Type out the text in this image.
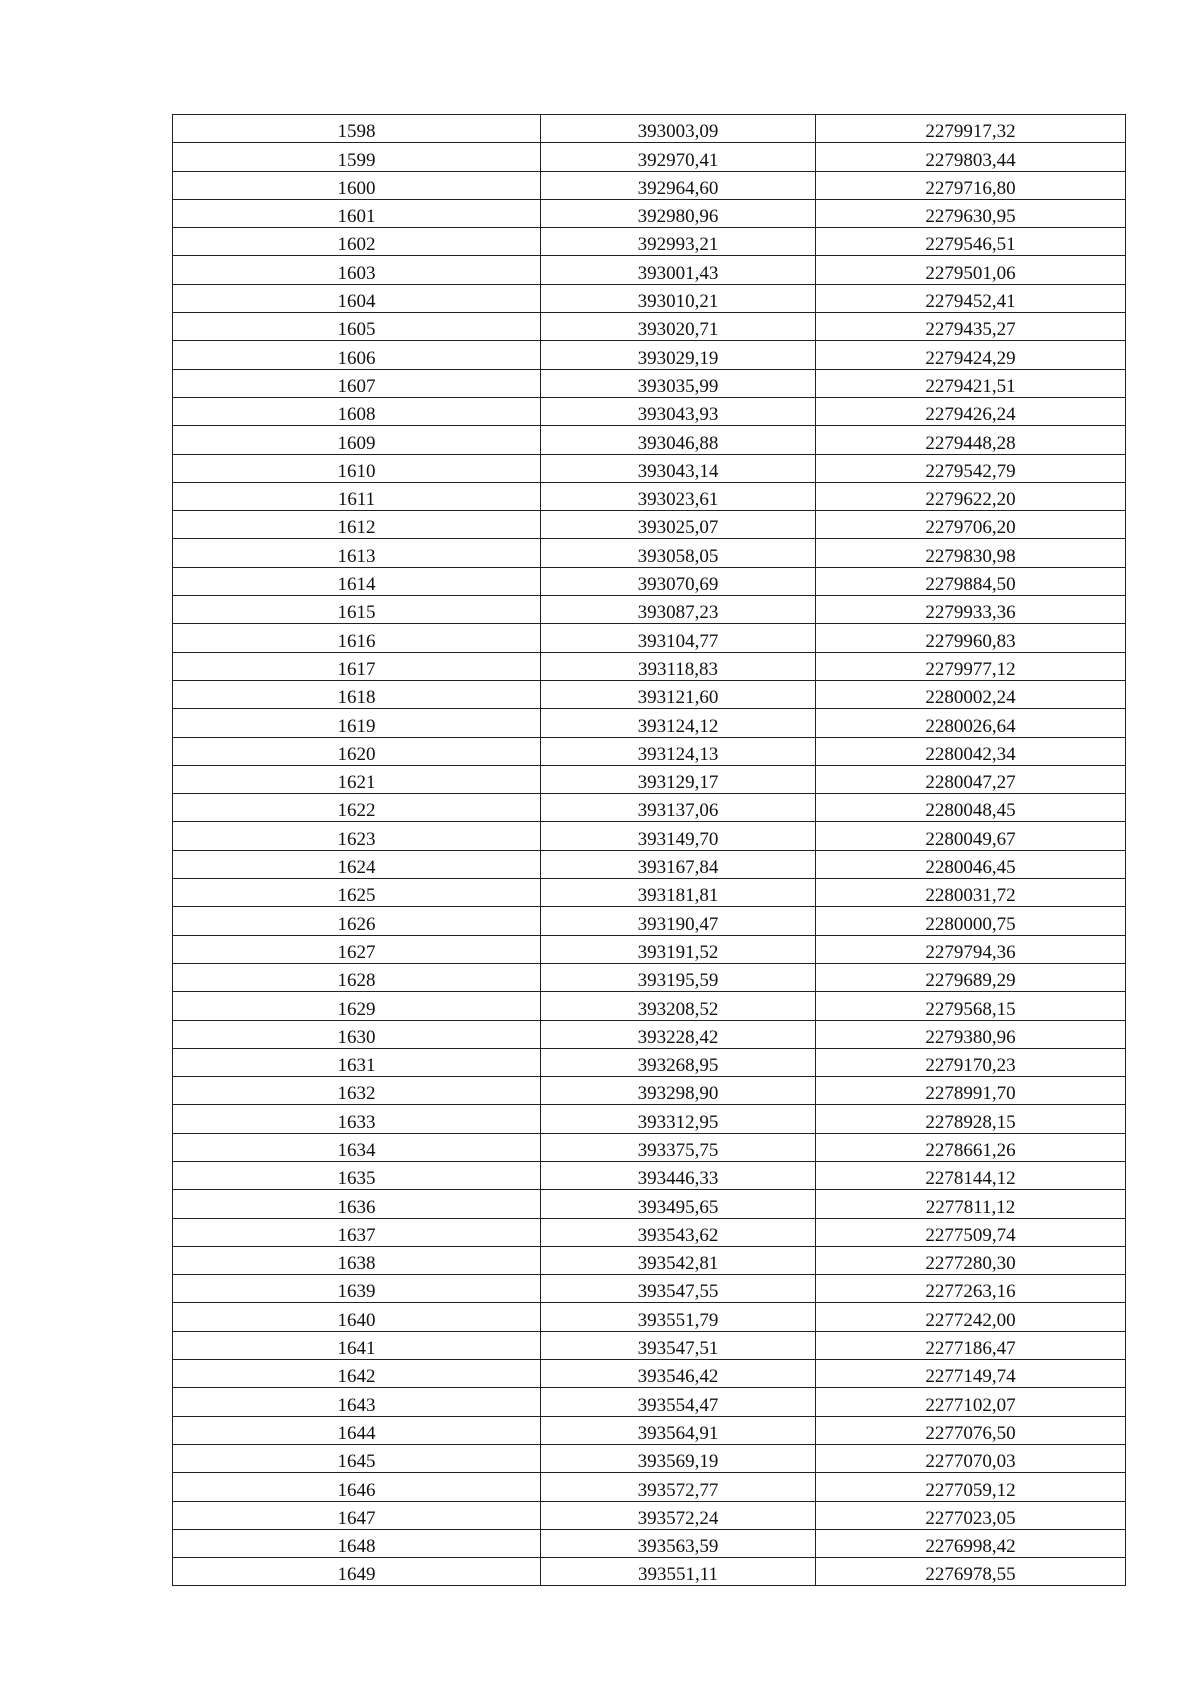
1598	393003,09	2279917,32
1599	392970,41	2279803,44
1600	392964,60	2279716,80
1601	392980,96	2279630,95
1602	392993,21	2279546,51
1603	393001,43	2279501,06
1604	393010,21	2279452,41
1605	393020,71	2279435,27
1606	393029,19	2279424,29
1607	393035,99	2279421,51
1608	393043,93	2279426,24
1609	393046,88	2279448,28
1610	393043,14	2279542,79
1611	393023,61	2279622,20
1612	393025,07	2279706,20
1613	393058,05	2279830,98
1614	393070,69	2279884,50
1615	393087,23	2279933,36
1616	393104,77	2279960,83
1617	393118,83	2279977,12
1618	393121,60	2280002,24
1619	393124,12	2280026,64
1620	393124,13	2280042,34
1621	393129,17	2280047,27
1622	393137,06	2280048,45
1623	393149,70	2280049,67
1624	393167,84	2280046,45
1625	393181,81	2280031,72
1626	393190,47	2280000,75
1627	393191,52	2279794,36
1628	393195,59	2279689,29
1629	393208,52	2279568,15
1630	393228,42	2279380,96
1631	393268,95	2279170,23
1632	393298,90	2278991,70
1633	393312,95	2278928,15
1634	393375,75	2278661,26
1635	393446,33	2278144,12
1636	393495,65	2277811,12
1637	393543,62	2277509,74
1638	393542,81	2277280,30
1639	393547,55	2277263,16
1640	393551,79	2277242,00
1641	393547,51	2277186,47
1642	393546,42	2277149,74
1643	393554,47	2277102,07
1644	393564,91	2277076,50
1645	393569,19	2277070,03
1646	393572,77	2277059,12
1647	393572,24	2277023,05
1648	393563,59	2276998,42
1649	393551,11	2276978,55
